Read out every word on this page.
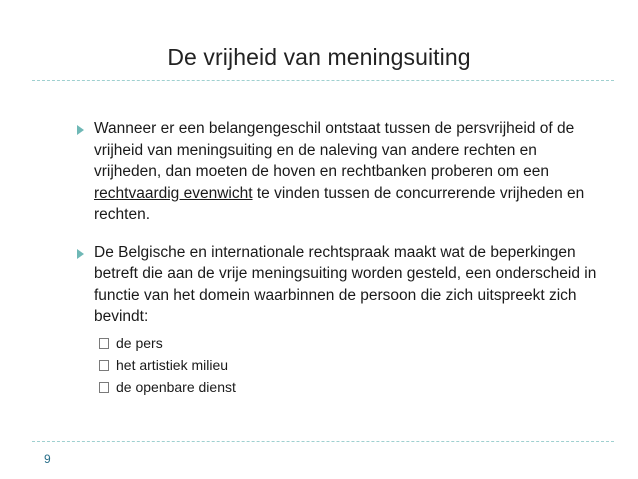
De vrijheid van meningsuiting
Wanneer er een belangengeschil ontstaat tussen de persvrijheid of de vrijheid van meningsuiting en de naleving van andere rechten en vrijheden, dan moeten de hoven en rechtbanken proberen om een rechtvaardig evenwicht te vinden tussen de concurrerende vrijheden en rechten.
De Belgische en internationale rechtspraak maakt wat de beperkingen betreft die aan de vrije meningsuiting worden gesteld, een onderscheid in functie van het domein waarbinnen de persoon die zich uitspreekt zich bevindt:
de pers
het artistiek milieu
de openbare dienst
9
